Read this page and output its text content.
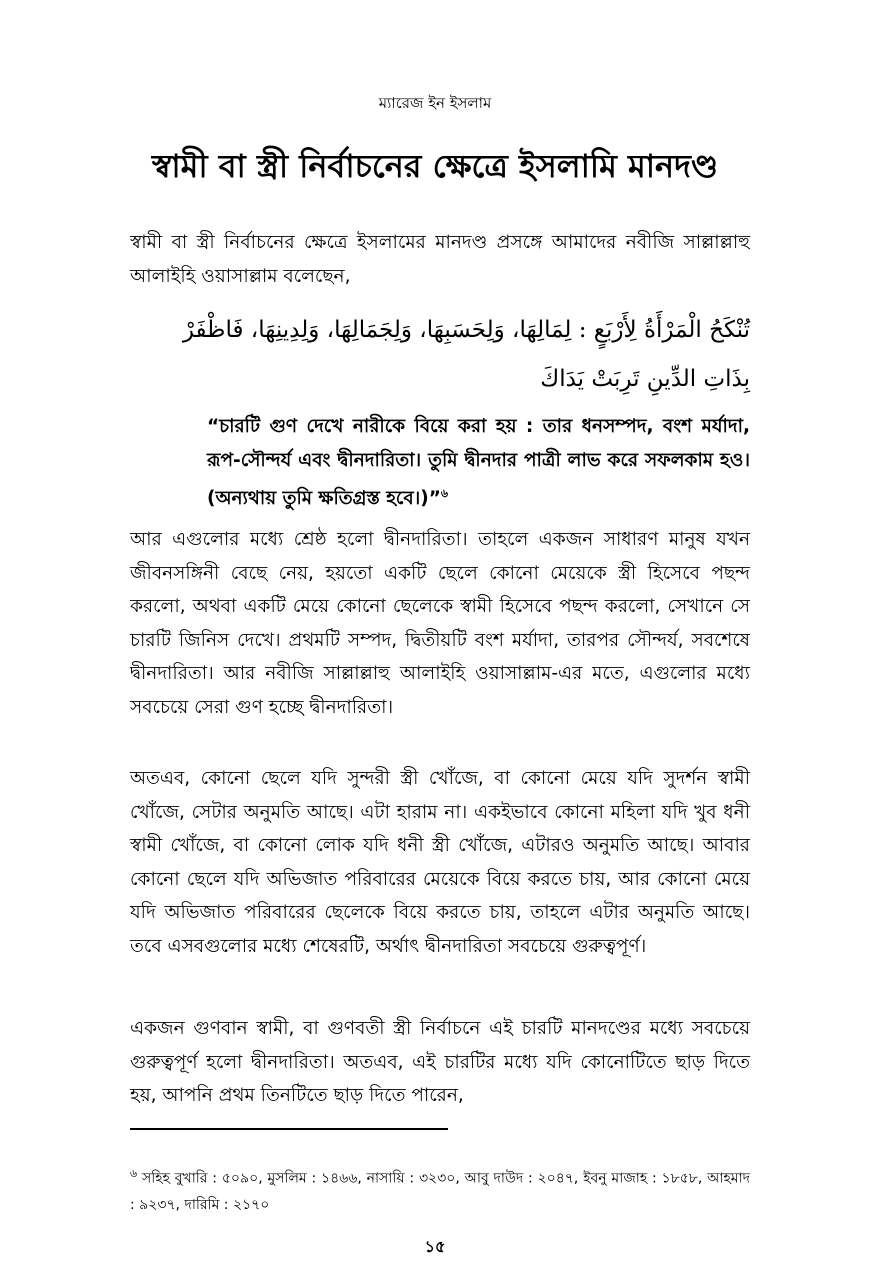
ম্যারেজ ইন ইসলাম
স্বামী বা স্ত্রী নির্বাচনের ক্ষেত্রে ইসলামি মানদণ্ড
স্বামী বা স্ত্রী নির্বাচনের ক্ষেত্রে ইসলামের মানদণ্ড প্রসঙ্গে আমাদের নবীজি সাল্লাল্লাহু আলাইহি ওয়াসাল্লাম বলেছেন,
تُنْكَحُ الْمَرْأَةُ لِأَرْبَعٍ : لِمَالِهَا، وَلِحَسَبِهَا، وَلِجَمَالِهَا، وَلِدِينِهَا، فَاظْفَرْ
بِذَاتِ الدِّينِ تَرِبَتْ يَدَاكَ
“চারটি গুণ দেখে নারীকে বিয়ে করা হয় : তার ধনসম্পদ, বংশ মর্যাদা, রূপ-সৌন্দর্য এবং দ্বীনদারিতা। তুমি দ্বীনদার পাত্রী লাভ করে সফলকাম হও। (অন্যথায় তুমি ক্ষতিগ্রস্ত হবে।)”$^৬$
আর এগুলোর মধ্যে শ্রেষ্ঠ হলো দ্বীনদারিতা। তাহলে একজন সাধারণ মানুষ যখন জীবনসঙ্গিনী বেছে নেয়, হয়তো একটি ছেলে কোনো মেয়েকে স্ত্রী হিসেবে পছন্দ করলো, অথবা একটি মেয়ে কোনো ছেলেকে স্বামী হিসেবে পছন্দ করলো, সেখানে সে চারটি জিনিস দেখে। প্রথমটি সম্পদ, দ্বিতীয়টি বংশ মর্যাদা, তারপর সৌন্দর্য, সবশেষে দ্বীনদারিতা। আর নবীজি সাল্লাল্লাহু আলাইহি ওয়াসাল্লাম-এর মতে, এগুলোর মধ্যে সবচেয়ে সেরা গুণ হচ্ছে দ্বীনদারিতা।
অতএব, কোনো ছেলে যদি সুন্দরী স্ত্রী খোঁজে, বা কোনো মেয়ে যদি সুদর্শন স্বামী খোঁজে, সেটার অনুমতি আছে। এটা হারাম না। একইভাবে কোনো মহিলা যদি খুব ধনী স্বামী খোঁজে, বা কোনো লোক যদি ধনী স্ত্রী খোঁজে, এটারও অনুমতি আছে। আবার কোনো ছেলে যদি অভিজাত পরিবারের মেয়েকে বিয়ে করতে চায়, আর কোনো মেয়ে যদি অভিজাত পরিবারের ছেলেকে বিয়ে করতে চায়, তাহলে এটার অনুমতি আছে। তবে এসবগুলোর মধ্যে শেষেরটি, অর্থাৎ দ্বীনদারিতা সবচেয়ে গুরুত্বপূর্ণ।
একজন গুণবান স্বামী, বা গুণবতী স্ত্রী নির্বাচনে এই চারটি মানদণ্ডের মধ্যে সবচেয়ে গুরুত্বপূর্ণ হলো দ্বীনদারিতা। অতএব, এই চারটির মধ্যে যদি কোনোটিতে ছাড় দিতে হয়, আপনি প্রথম তিনটিতে ছাড় দিতে পারেন,
$^৬$ সহিহ বুখারি : ৫০৯০, মুসলিম : ১৪৬৬, নাসায়ি : ৩২৩০, আবু দাউদ : ২০৪৭, ইবনু মাজাহ : ১৮৫৮, আহমাদ : ৯২৩৭, দারিমি : ২১৭০
১৫
